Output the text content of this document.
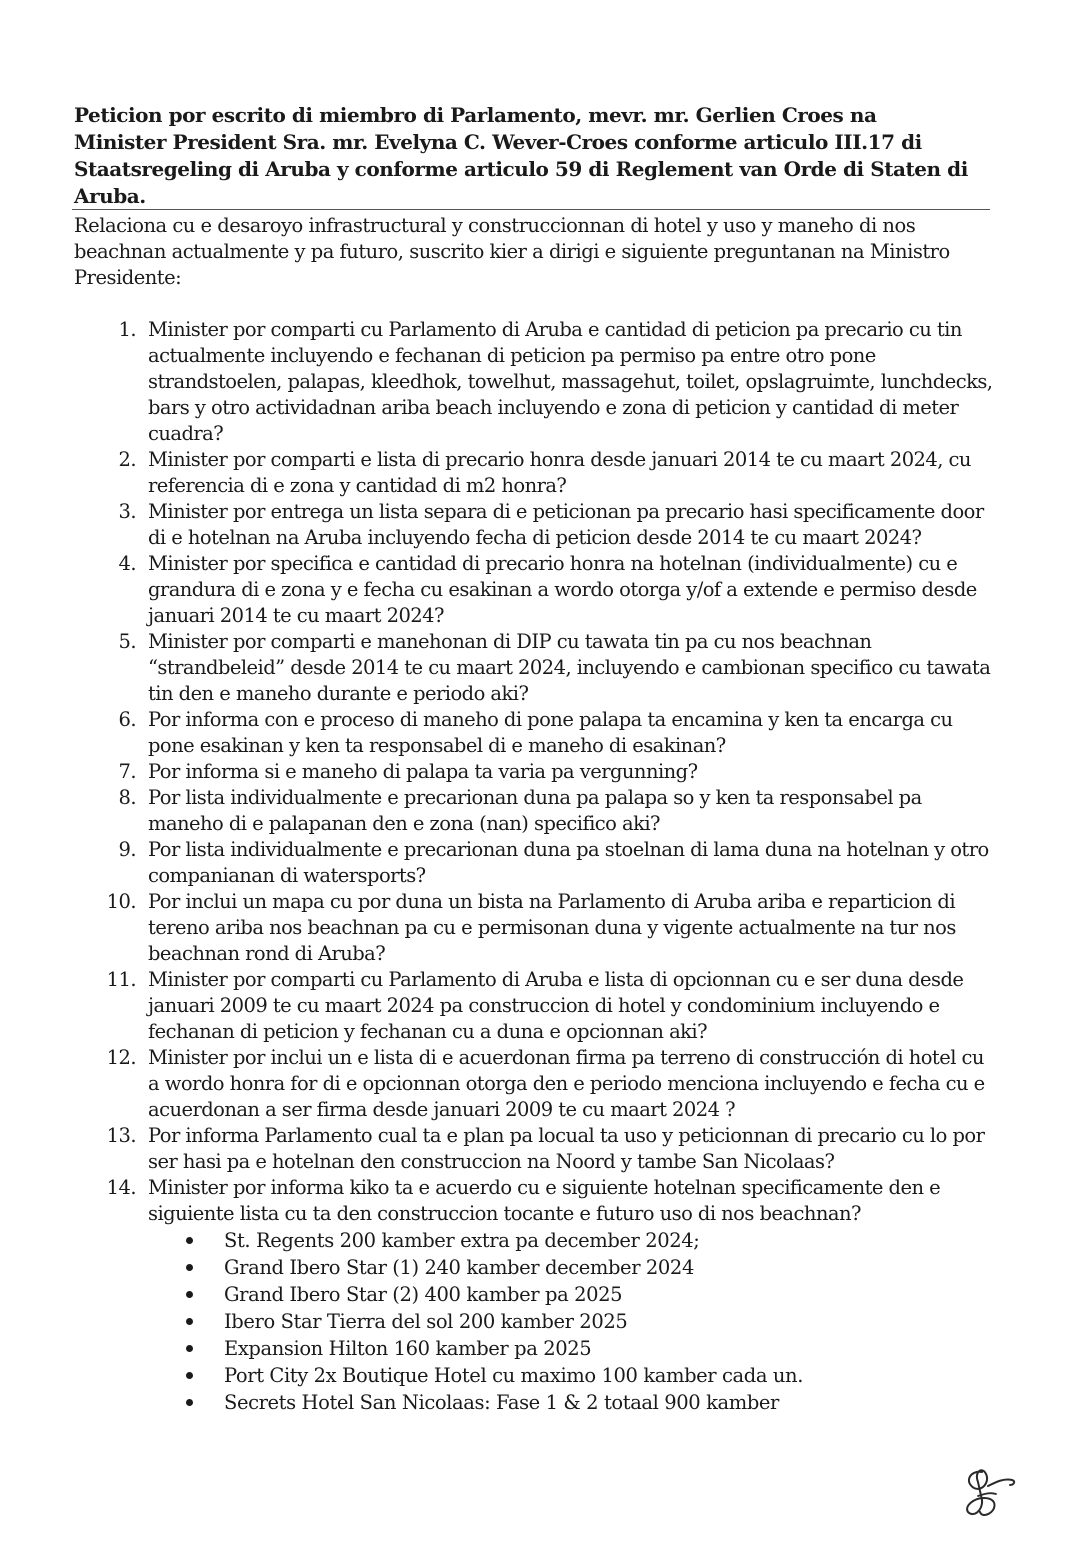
Peticion por escrito di miembro di Parlamento, mevr. mr. Gerlien Croes na Minister President Sra. mr. Evelyna C. Wever-Croes conforme articulo III.17 di Staatsregeling di Aruba y conforme articulo 59 di Reglement van Orde di Staten di Aruba.
Relaciona cu e desaroyo infrastructural y construccionnan di hotel y uso y maneho di nos beachnan actualmente y pa futuro, suscrito kier a dirigi e siguiente preguntanan na Ministro Presidente:
1. Minister por comparti cu Parlamento di Aruba e cantidad di peticion pa precario cu tin actualmente incluyendo e fechanan di peticion pa permiso pa entre otro pone strandstoelen, palapas, kleedhok, towelhut, massagehut, toilet, opslagruimte, lunchdecks, bars y otro actividadnan ariba beach incluyendo e zona di peticion y cantidad di meter cuadra?
2. Minister por comparti e lista di precario honra desde januari 2014 te cu maart 2024, cu referencia di e zona y cantidad di m2 honra?
3. Minister por entrega un lista separa di e peticionan pa precario hasi specificamente door di e hotelnan na Aruba incluyendo fecha di peticion desde 2014 te cu maart 2024?
4. Minister por specifica e cantidad di precario honra na hotelnan (individualmente) cu e grandura di e zona y e fecha cu esakinan a wordo otorga y/of a extende e permiso desde januari 2014 te cu maart 2024?
5. Minister por comparti e manehonan di DIP cu tawata tin pa cu nos beachnan “strandbeleid” desde 2014 te cu maart 2024, incluyendo e cambionan specifico cu tawata tin den e maneho durante e periodo aki?
6. Por informa con e proceso di maneho di pone palapa ta encamina y ken ta encarga cu pone esakinan y ken ta responsabel di e maneho di esakinan?
7. Por informa si e maneho di palapa ta varia pa vergunning?
8. Por lista individualmente e precarionan duna pa palapa so y ken ta responsabel pa maneho di e palapanan den e zona (nan) specifico aki?
9. Por lista individualmente e precarionan duna pa stoelnan di lama duna na hotelnan y otro companianan di watersports?
10. Por inclui un mapa cu por duna un bista na Parlamento di Aruba ariba e reparticion di tereno ariba nos beachnan pa cu e permisonan duna y vigente actualmente na tur nos beachnan rond di Aruba?
11. Minister por comparti cu Parlamento di Aruba e lista di opcionnan cu e ser duna desde januari 2009 te cu maart 2024 pa construccion di hotel y condominium incluyendo e fechanan di peticion y fechanan cu a duna e opcionnan aki?
12. Minister por inclui un e lista di e acuerdonan firma pa terreno di construcción di hotel cu a wordo honra for di e opcionnan otorga den e periodo menciona incluyendo e fecha cu e acuerdonan a ser firma desde januari 2009 te cu maart 2024 ?
13. Por informa Parlamento cual ta e plan pa locual ta uso y peticionnan di precario cu lo por ser hasi pa e hotelnan den construccion na Noord y tambe San Nicolaas?
14. Minister por informa kiko ta e acuerdo cu e siguiente hotelnan specificamente den e siguiente lista cu ta den construccion tocante e futuro uso di nos beachnan?
St. Regents 200 kamber extra pa december 2024;
Grand Ibero Star (1) 240 kamber december 2024
Grand Ibero Star (2) 400 kamber pa 2025
Ibero Star Tierra del sol 200 kamber 2025
Expansion Hilton 160 kamber pa 2025
Port City 2x Boutique Hotel cu maximo 100 kamber cada un.
Secrets Hotel San Nicolaas: Fase 1 & 2 totaal 900 kamber
